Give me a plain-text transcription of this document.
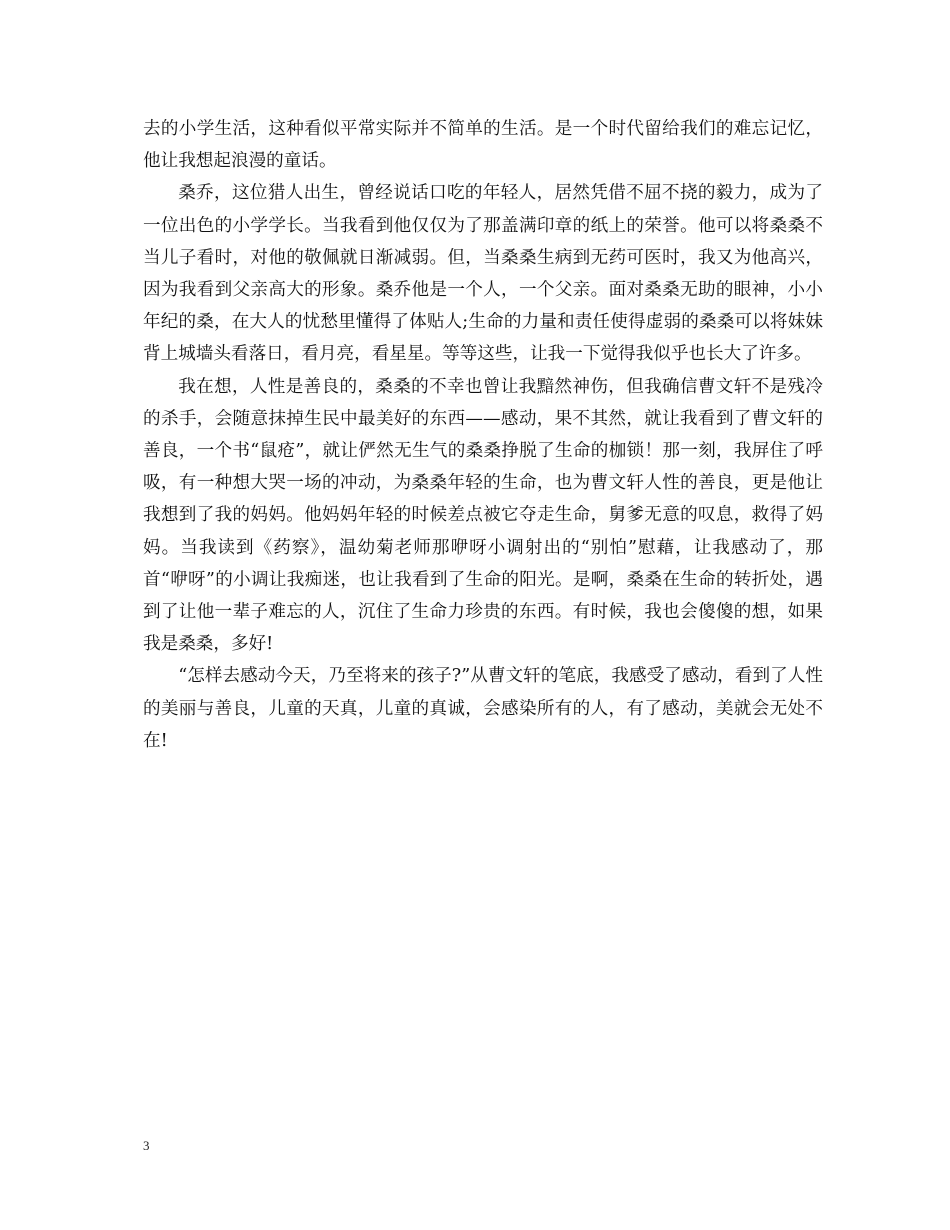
去的小学生活，这种看似平常实际并不简单的生活。是一个时代留给我们的难忘记忆，他让我想起浪漫的童话。

桑乔，这位猎人出生，曾经说话口吃的年轻人，居然凭借不屈不挠的毅力，成为了一位出色的小学学长。当我看到他仅仅为了那盖满印章的纸上的荣誉。他可以将桑桑不当儿子看时，对他的敬佩就日渐减弱。但，当桑桑生病到无药可医时，我又为他高兴，因为我看到父亲高大的形象。桑乔他是一个人，一个父亲。面对桑桑无助的眼神，小小年纪的桑，在大人的忧愁里懂得了体贴人;生命的力量和责任使得虚弱的桑桑可以将妹妹背上城墙头看落日，看月亮，看星星。等等这些，让我一下觉得我似乎也长大了许多。

我在想，人性是善良的，桑桑的不幸也曾让我黯然神伤，但我确信曹文轩不是残冷的杀手，会随意抹掉生民中最美好的东西——感动，果不其然，就让我看到了曹文轩的善良，一个书“鼠疮”，就让俨然无生气的桑桑挣脱了生命的枷锁！那一刻，我屏住了呼吸，有一种想大哭一场的冲动，为桑桑年轻的生命，也为曹文轩人性的善良，更是他让我想到了我的妈妈。他妈妈年轻的时候差点被它夺走生命，舅爹无意的叹息，救得了妈妈。当我读到《药察》，温幼菊老师那咿呀小调射出的“别怕”慰藉，让我感动了，那首“咿呀”的小调让我痴迷，也让我看到了生命的阳光。是啊，桑桑在生命的转折处，遇到了让他一辈子难忘的人，沉住了生命力珍贵的东西。有时候，我也会傻傻的想，如果我是桑桑，多好!

“怎样去感动今天，乃至将来的孩子?”从曹文轩的笔底，我感受了感动，看到了人性的美丽与善良，儿童的天真，儿童的真诚，会感染所有的人，有了感动，美就会无处不在!

3
